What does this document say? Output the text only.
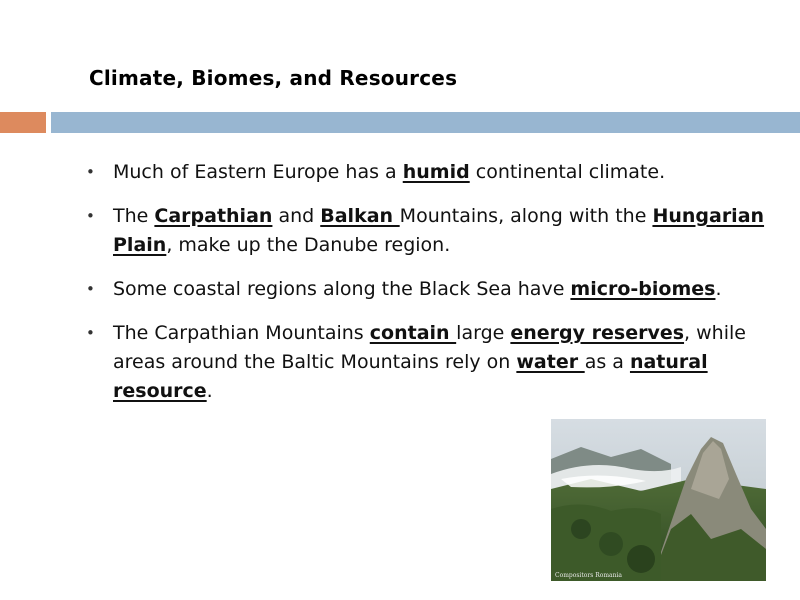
Climate, Biomes, and Resources
• Much of Eastern Europe has a humid continental climate.
• The Carpathian and Balkan Mountains, along with the Hungarian Plain, make up the Danube region.
• Some coastal regions along the Black Sea have micro-biomes.
• The Carpathian Mountains contain large energy reserves, while areas around the Baltic Mountains rely on water as a natural resource.
Сompositors Romania
